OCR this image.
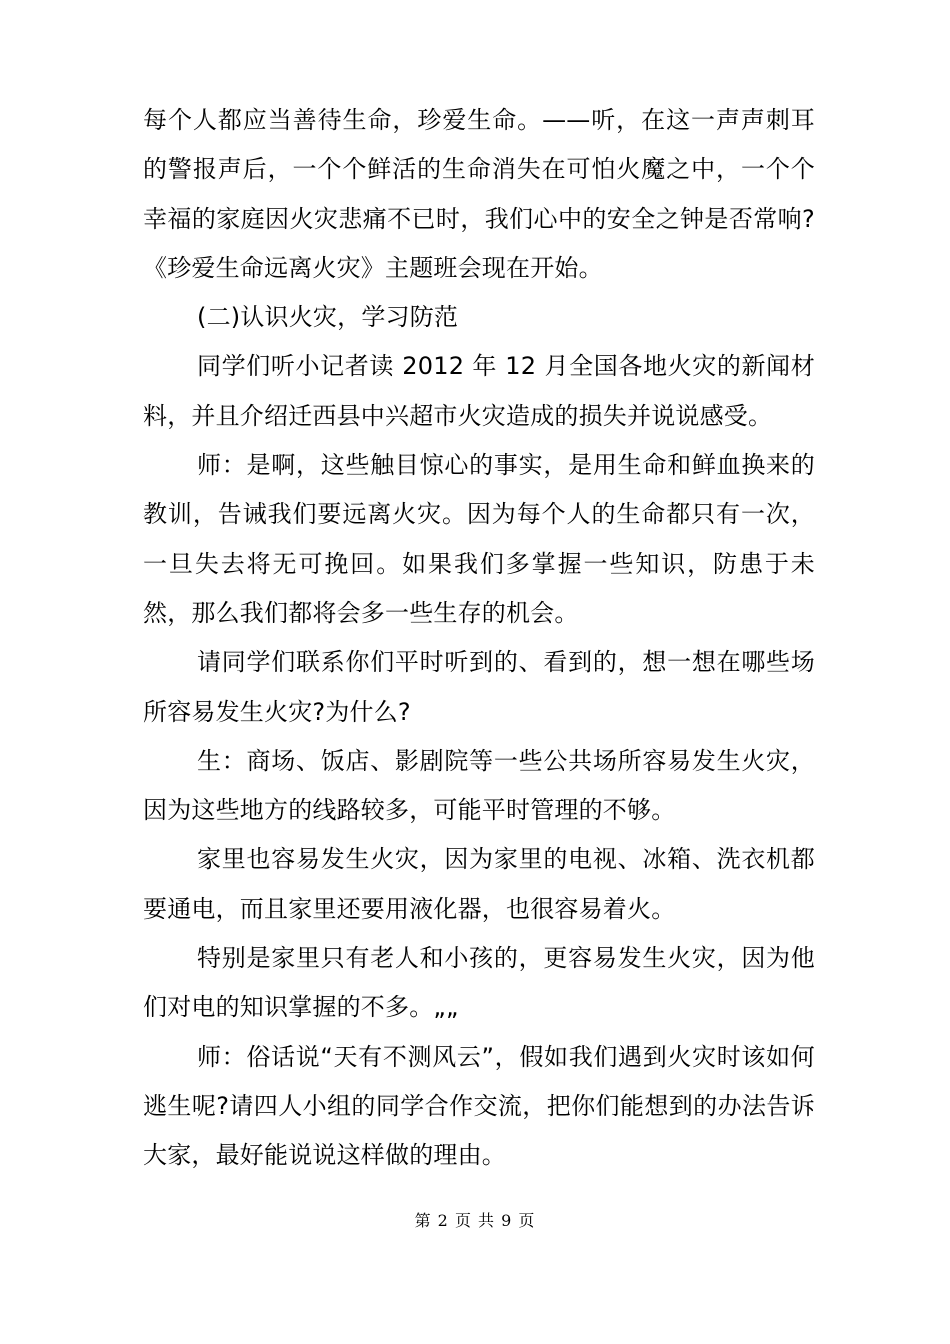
每个人都应当善待生命，珍爱生命。——听，在这一声声刺耳的警报声后，一个个鲜活的生命消失在可怕火魔之中，一个个幸福的家庭因火灾悲痛不已时，我们心中的安全之钟是否常响?《珍爱生命远离火灾》主题班会现在开始。

(二)认识火灾，学习防范

同学们听小记者读 2012 年 12 月全国各地火灾的新闻材料，并且介绍迁西县中兴超市火灾造成的损失并说说感受。

师：是啊，这些触目惊心的事实，是用生命和鲜血换来的教训，告诫我们要远离火灾。因为每个人的生命都只有一次，一旦失去将无可挽回。如果我们多掌握一些知识，防患于未然，那么我们都将会多一些生存的机会。

请同学们联系你们平时听到的、看到的，想一想在哪些场所容易发生火灾?为什么?

生：商场、饭店、影剧院等一些公共场所容易发生火灾，因为这些地方的线路较多，可能平时管理的不够。

家里也容易发生火灾，因为家里的电视、冰箱、洗衣机都要通电，而且家里还要用液化器，也很容易着火。

特别是家里只有老人和小孩的，更容易发生火灾，因为他们对电的知识掌握的不多。„„

师：俗话说“天有不测风云”，假如我们遇到火灾时该如何逃生呢?请四人小组的同学合作交流，把你们能想到的办法告诉大家，最好能说说这样做的理由。

第 2 页 共 9 页
